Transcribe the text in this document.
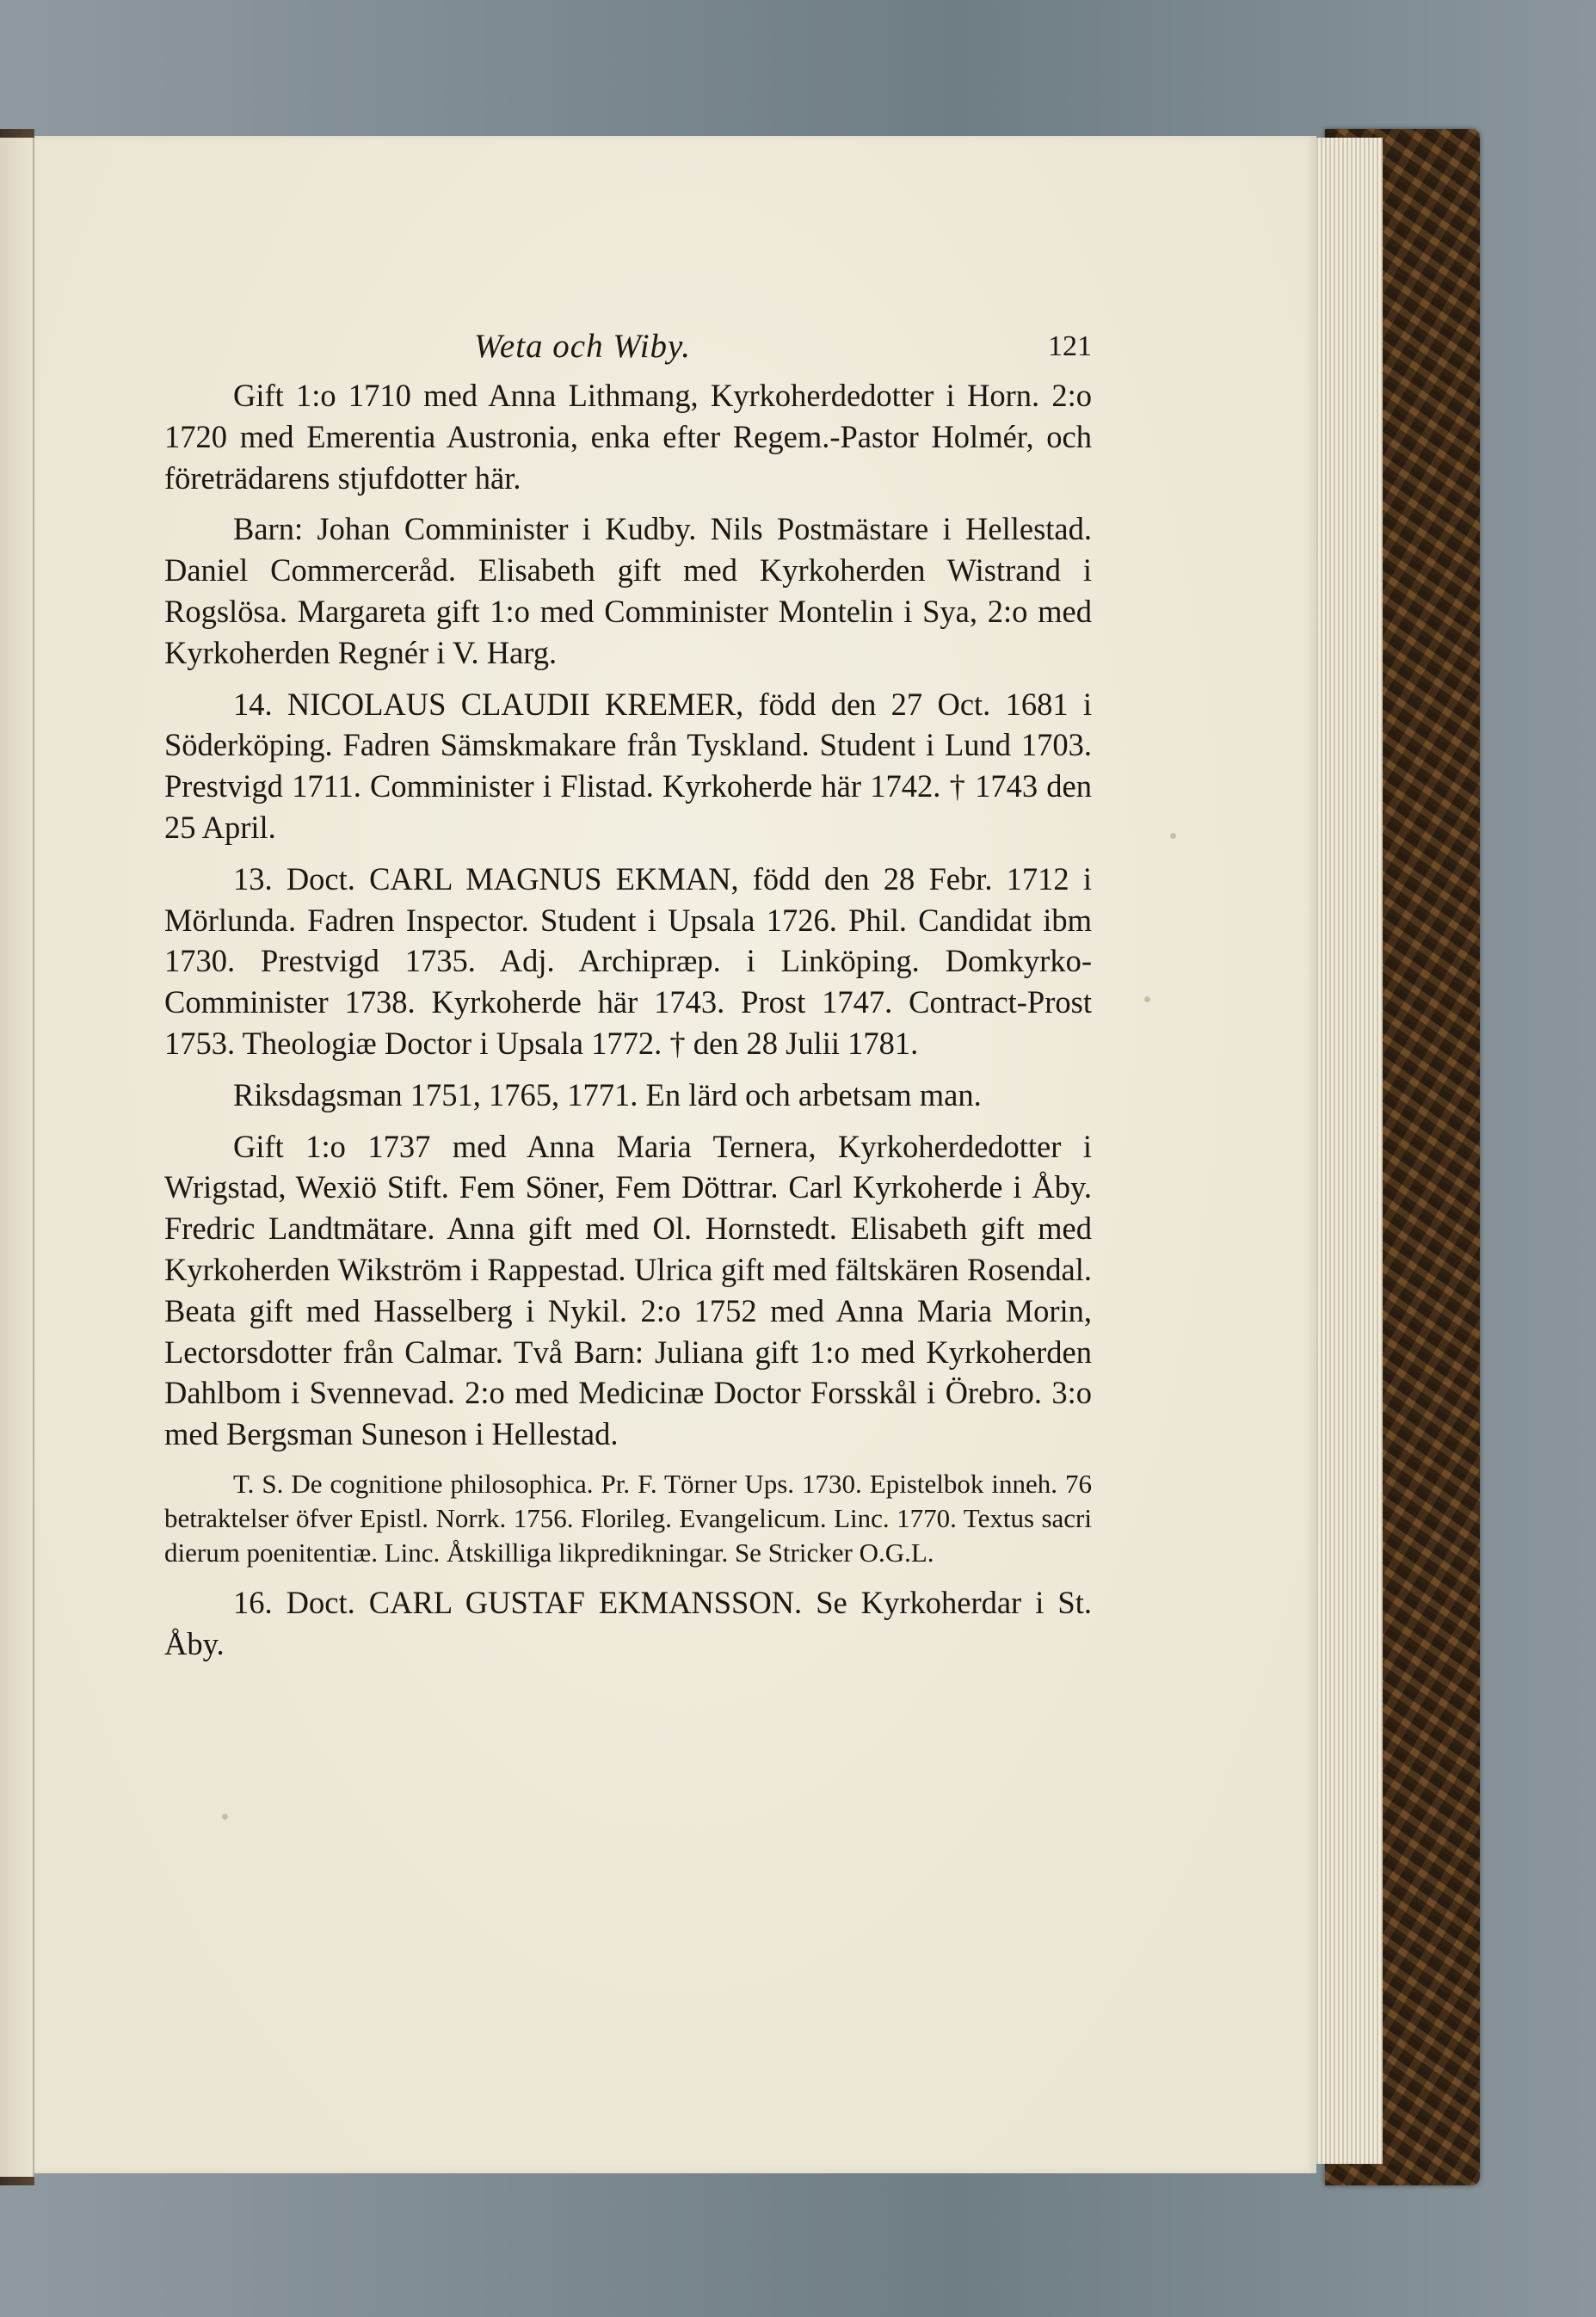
Weta och Wiby.	121

Gift 1:o 1710 med Anna Lithmang, Kyrkoherdedotter i Horn. 2:o 1720 med Emerentia Austronia, enka efter Regem.-Pastor Holmér, och företrädarens stjufdotter här.

Barn: Johan Comminister i Kudby. Nils Postmästare i Hellestad. Daniel Commerceråd. Elisabeth gift med Kyrkoherden Wistrand i Rogslösa. Margareta gift 1:o med Comminister Montelin i Sya, 2:o med Kyrkoherden Regnér i V. Harg.

14. NICOLAUS CLAUDII KREMER, född den 27 Oct. 1681 i Söderköping. Fadren Sämskmakare från Tyskland. Student i Lund 1703. Prestvigd 1711. Comminister i Flistad. Kyrkoherde här 1742. † 1743 den 25 April.

13. Doct. CARL MAGNUS EKMAN, född den 28 Febr. 1712 i Mörlunda. Fadren Inspector. Student i Upsala 1726. Phil. Candidat ibm 1730. Prestvigd 1735. Adj. Archipræp. i Linköping. Domkyrko-Comminister 1738. Kyrkoherde här 1743. Prost 1747. Contract-Prost 1753. Theologiæ Doctor i Upsala 1772. † den 28 Julii 1781.

Riksdagsman 1751, 1765, 1771. En lärd och arbetsam man.

Gift 1:o 1737 med Anna Maria Ternera, Kyrkoherdedotter i Wrigstad, Wexiö Stift. Fem Söner, Fem Döttrar. Carl Kyrkoherde i Åby. Fredric Landtmätare. Anna gift med Ol. Hornstedt. Elisabeth gift med Kyrkoherden Wikström i Rappestad. Ulrica gift med fältskären Rosendal. Beata gift med Hasselberg i Nykil. 2:o 1752 med Anna Maria Morin, Lectorsdotter från Calmar. Två Barn: Juliana gift 1:o med Kyrkoherden Dahlbom i Svennevad. 2:o med Medicinæ Doctor Forsskål i Örebro. 3:o med Bergsman Suneson i Hellestad.

T. S. De cognitione philosophica. Pr. F. Törner Ups. 1730. Epistelbok inneh. 76 betraktelser öfver Epistl. Norrk. 1756. Florileg. Evangelicum. Linc. 1770. Textus sacri dierum poenitentiæ. Linc. Åtskilliga likpredikningar. Se Stricker O.G.L.

16. Doct. CARL GUSTAF EKMANSSON. Se Kyrkoherdar i St. Åby.
